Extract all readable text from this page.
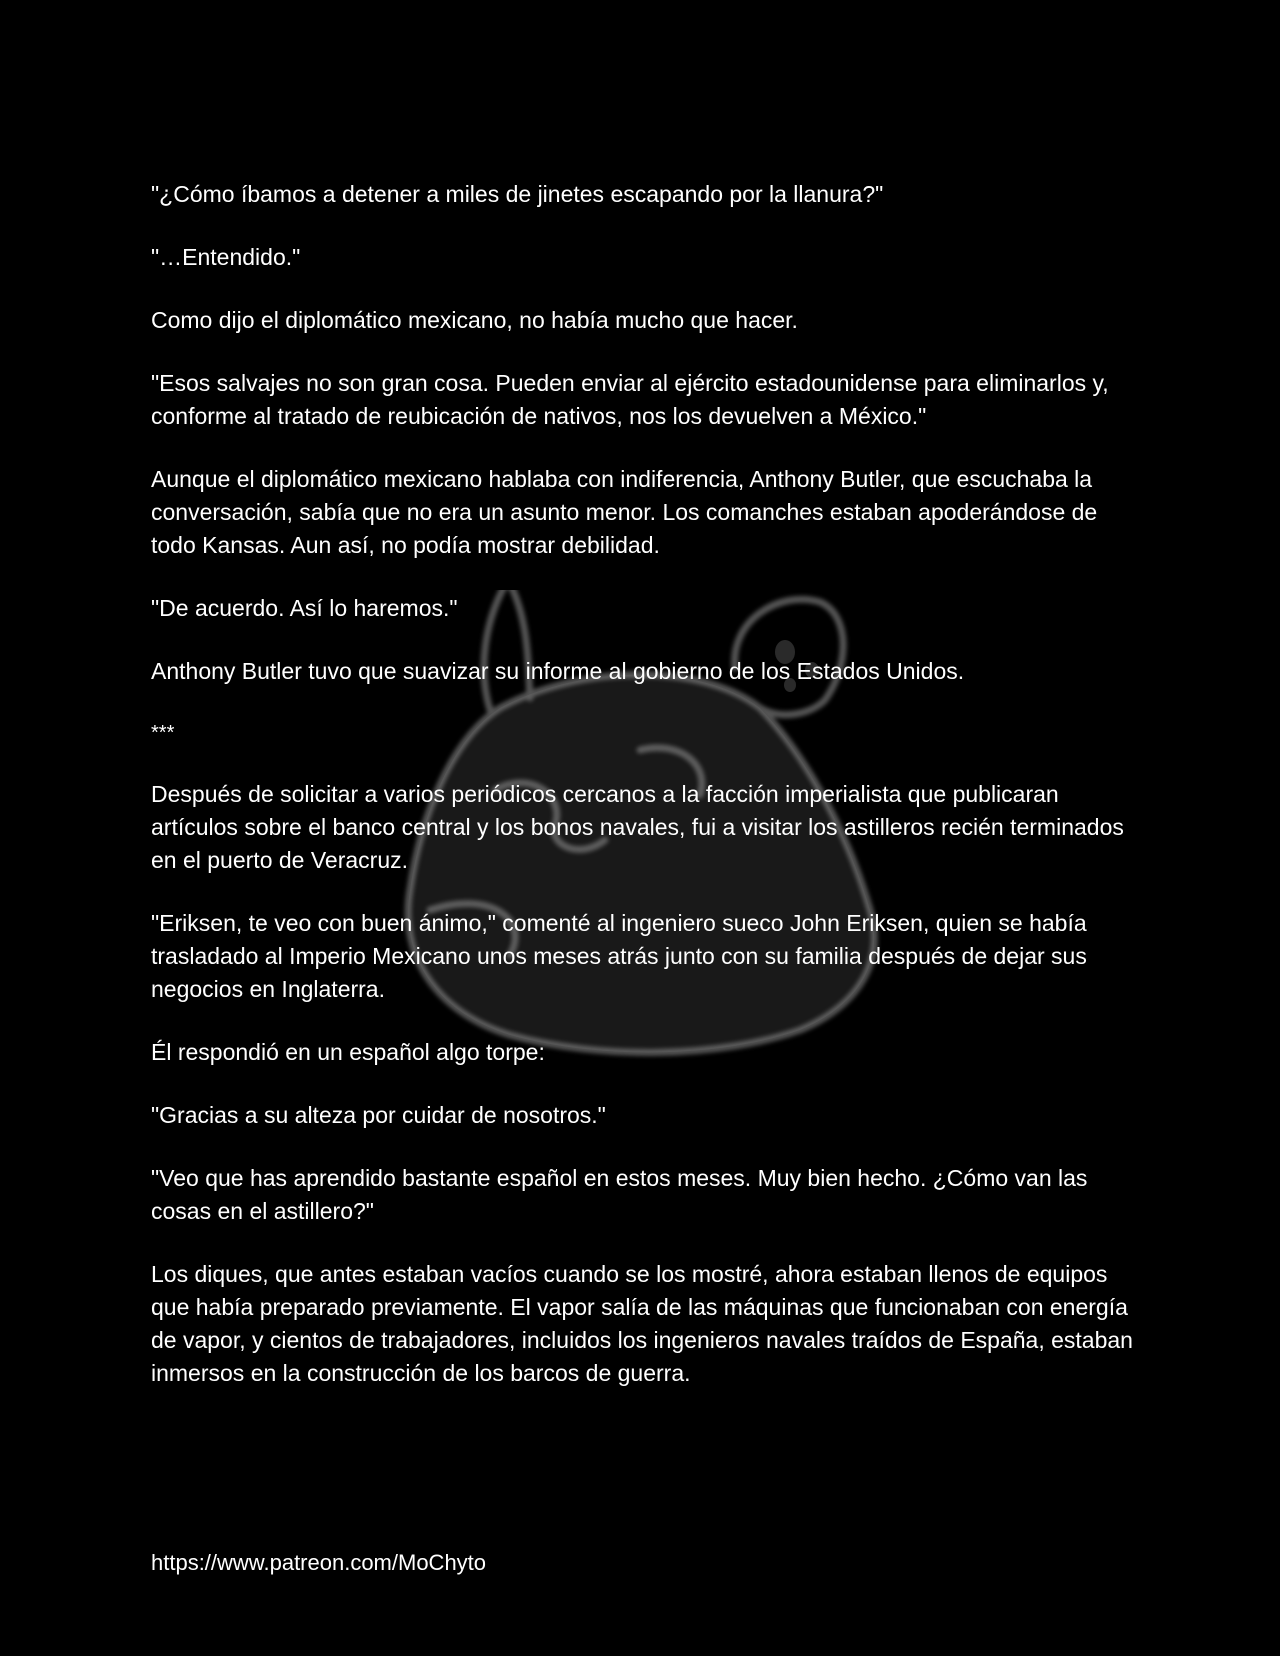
"¿Cómo íbamos a detener a miles de jinetes escapando por la llanura?"

"…Entendido."

Como dijo el diplomático mexicano, no había mucho que hacer.

"Esos salvajes no son gran cosa. Pueden enviar al ejército estadounidense para eliminarlos y, conforme al tratado de reubicación de nativos, nos los devuelven a México."

Aunque el diplomático mexicano hablaba con indiferencia, Anthony Butler, que escuchaba la conversación, sabía que no era un asunto menor. Los comanches estaban apoderándose de todo Kansas. Aun así, no podía mostrar debilidad.

"De acuerdo. Así lo haremos."

Anthony Butler tuvo que suavizar su informe al gobierno de los Estados Unidos.

***

Después de solicitar a varios periódicos cercanos a la facción imperialista que publicaran artículos sobre el banco central y los bonos navales, fui a visitar los astilleros recién terminados en el puerto de Veracruz.

"Eriksen, te veo con buen ánimo," comenté al ingeniero sueco John Eriksen, quien se había trasladado al Imperio Mexicano unos meses atrás junto con su familia después de dejar sus negocios en Inglaterra.

Él respondió en un español algo torpe:

"Gracias a su alteza por cuidar de nosotros."

"Veo que has aprendido bastante español en estos meses. Muy bien hecho. ¿Cómo van las cosas en el astillero?"

Los diques, que antes estaban vacíos cuando se los mostré, ahora estaban llenos de equipos que había preparado previamente. El vapor salía de las máquinas que funcionaban con energía de vapor, y cientos de trabajadores, incluidos los ingenieros navales traídos de España, estaban inmersos en la construcción de los barcos de guerra.

https://www.patreon.com/MoChyto
